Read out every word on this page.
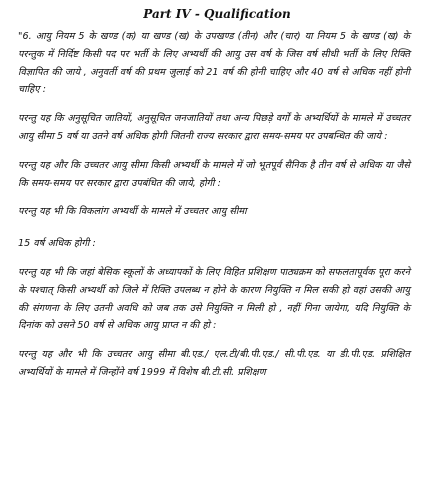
Part IV - Qualification

"6. आयु नियम 5 के खण्ड (क) या खण्ड (ख) के उपखण्ड (तीन) और (चार) या नियम 5 के खण्ड (ख) के परन्तुक में निर्दिष्ट किसी पद पर भर्ती के लिए अभ्यर्थी की आयु उस वर्ष के जिस वर्ष सीधी भर्ती के लिए रिक्ति विज्ञापित की जाये , अनुवर्ती वर्ष की प्रथम जुलाई को 21 वर्ष की होनी चाहिए और 40 वर्ष से अधिक नहीं होनी चाहिए :

परन्तु यह कि अनुसूचित जातियों, अनुसूचित जनजातियों तथा अन्य पिछड़े वर्गों के अभ्यर्थियों के मामले में उच्चतर आयु सीमा 5 वर्ष या उतने वर्ष अधिक होगी जितनी राज्य सरकार द्वारा समय-समय पर उपबन्धित की जाये :

परन्तु यह और कि उच्चतर आयु सीमा किसी अभ्यर्थी के मामले में जो भूतपूर्व सैनिक है तीन वर्ष से अधिक या जैसे कि समय-समय पर सरकार द्वारा उपबंधित की जाये, होगी :

परन्तु यह भी कि विकलांग अभ्यर्थी के मामले में उच्चतर आयु सीमा

15 वर्ष अधिक होगी :

परन्तु यह भी कि जहां बेसिक स्कूलों के अध्यापकों के लिए विहित प्रशिक्षण पाठ्यक्रम को सफलतापूर्वक पूरा करने के पश्चात् किसी अभ्यर्थी को जिले में रिक्ति उपलब्ध न होने के कारण नियुक्ति न मिल सकी हो वहां उसकी आयु की संगणना के लिए उतनी अवधि को जब तक उसे नियुक्ति न मिली हो , नहीं गिना जायेगा, यदि नियुक्ति के दिनांक को उसने 50 वर्ष से अधिक आयु प्राप्त न की हो :

परन्तु यह और भी कि उच्चतर आयु सीमा बी.एड./ एल.टी/बी.पी.एड./ सी.पी.एड. या डी.पी.एड. प्रशिक्षित अभ्यर्थियों के मामले में जिन्होंने वर्ष 1999 में विशेष बी.टी.सी. प्रशिक्षण
